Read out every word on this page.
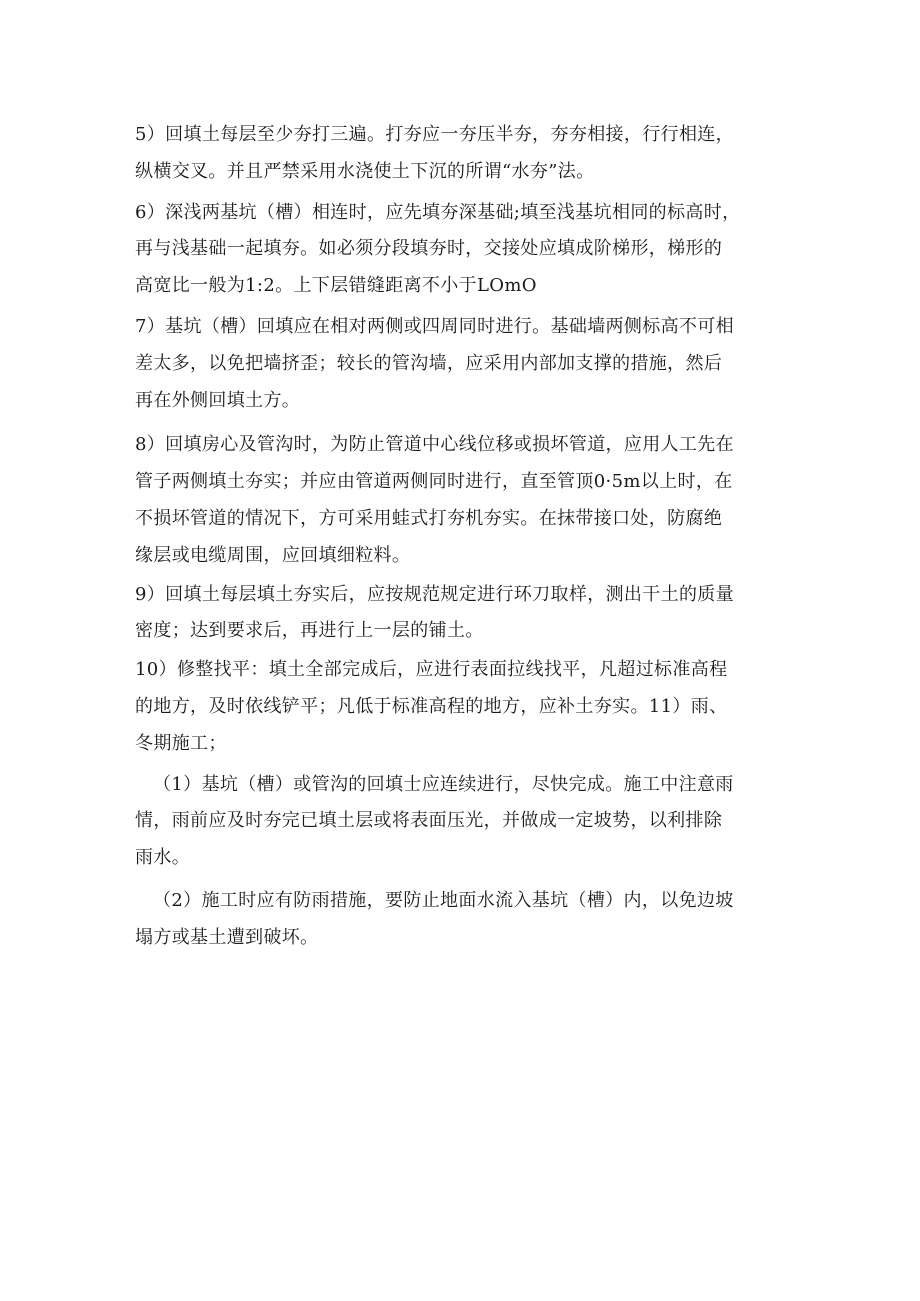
5）回填土每层至少夯打三遍。打夯应一夯压半夯，夯夯相接，行行相连，
纵横交叉。并且严禁采用水浇使土下沉的所谓“水夯”法。

6）深浅两基坑（槽）相连时，应先填夯深基础;填至浅基坑相同的标高时，
再与浅基础一起填夯。如必须分段填夯时，交接处应填成阶梯形，梯形的
高宽比一般为1:2。上下层错缝距离不小于LOmO

7）基坑（槽）回填应在相对两侧或四周同时进行。基础墙两侧标高不可相
差太多，以免把墙挤歪；较长的管沟墙，应采用内部加支撑的措施，然后
再在外侧回填土方。

8）回填房心及管沟时，为防止管道中心线位移或损坏管道，应用人工先在
管子两侧填土夯实；并应由管道两侧同时进行，直至管顶0·5m以上时，在
不损坏管道的情况下，方可采用蛙式打夯机夯实。在抹带接口处，防腐绝
缘层或电缆周围，应回填细粒料。

9）回填土每层填土夯实后，应按规范规定进行环刀取样，测出干土的质量
密度；达到要求后，再进行上一层的铺土。

10）修整找平：填土全部完成后，应进行表面拉线找平，凡超过标准高程
的地方，及时依线铲平；凡低于标准高程的地方，应补土夯实。11）雨、
冬期施工；

（1）基坑（槽）或管沟的回填士应连续进行，尽快完成。施工中注意雨
情，雨前应及时夯完已填土层或将表面压光，并做成一定坡势，以利排除
雨水。

（2）施工时应有防雨措施，要防止地面水流入基坑（槽）内，以免边坡
塌方或基土遭到破坏。
